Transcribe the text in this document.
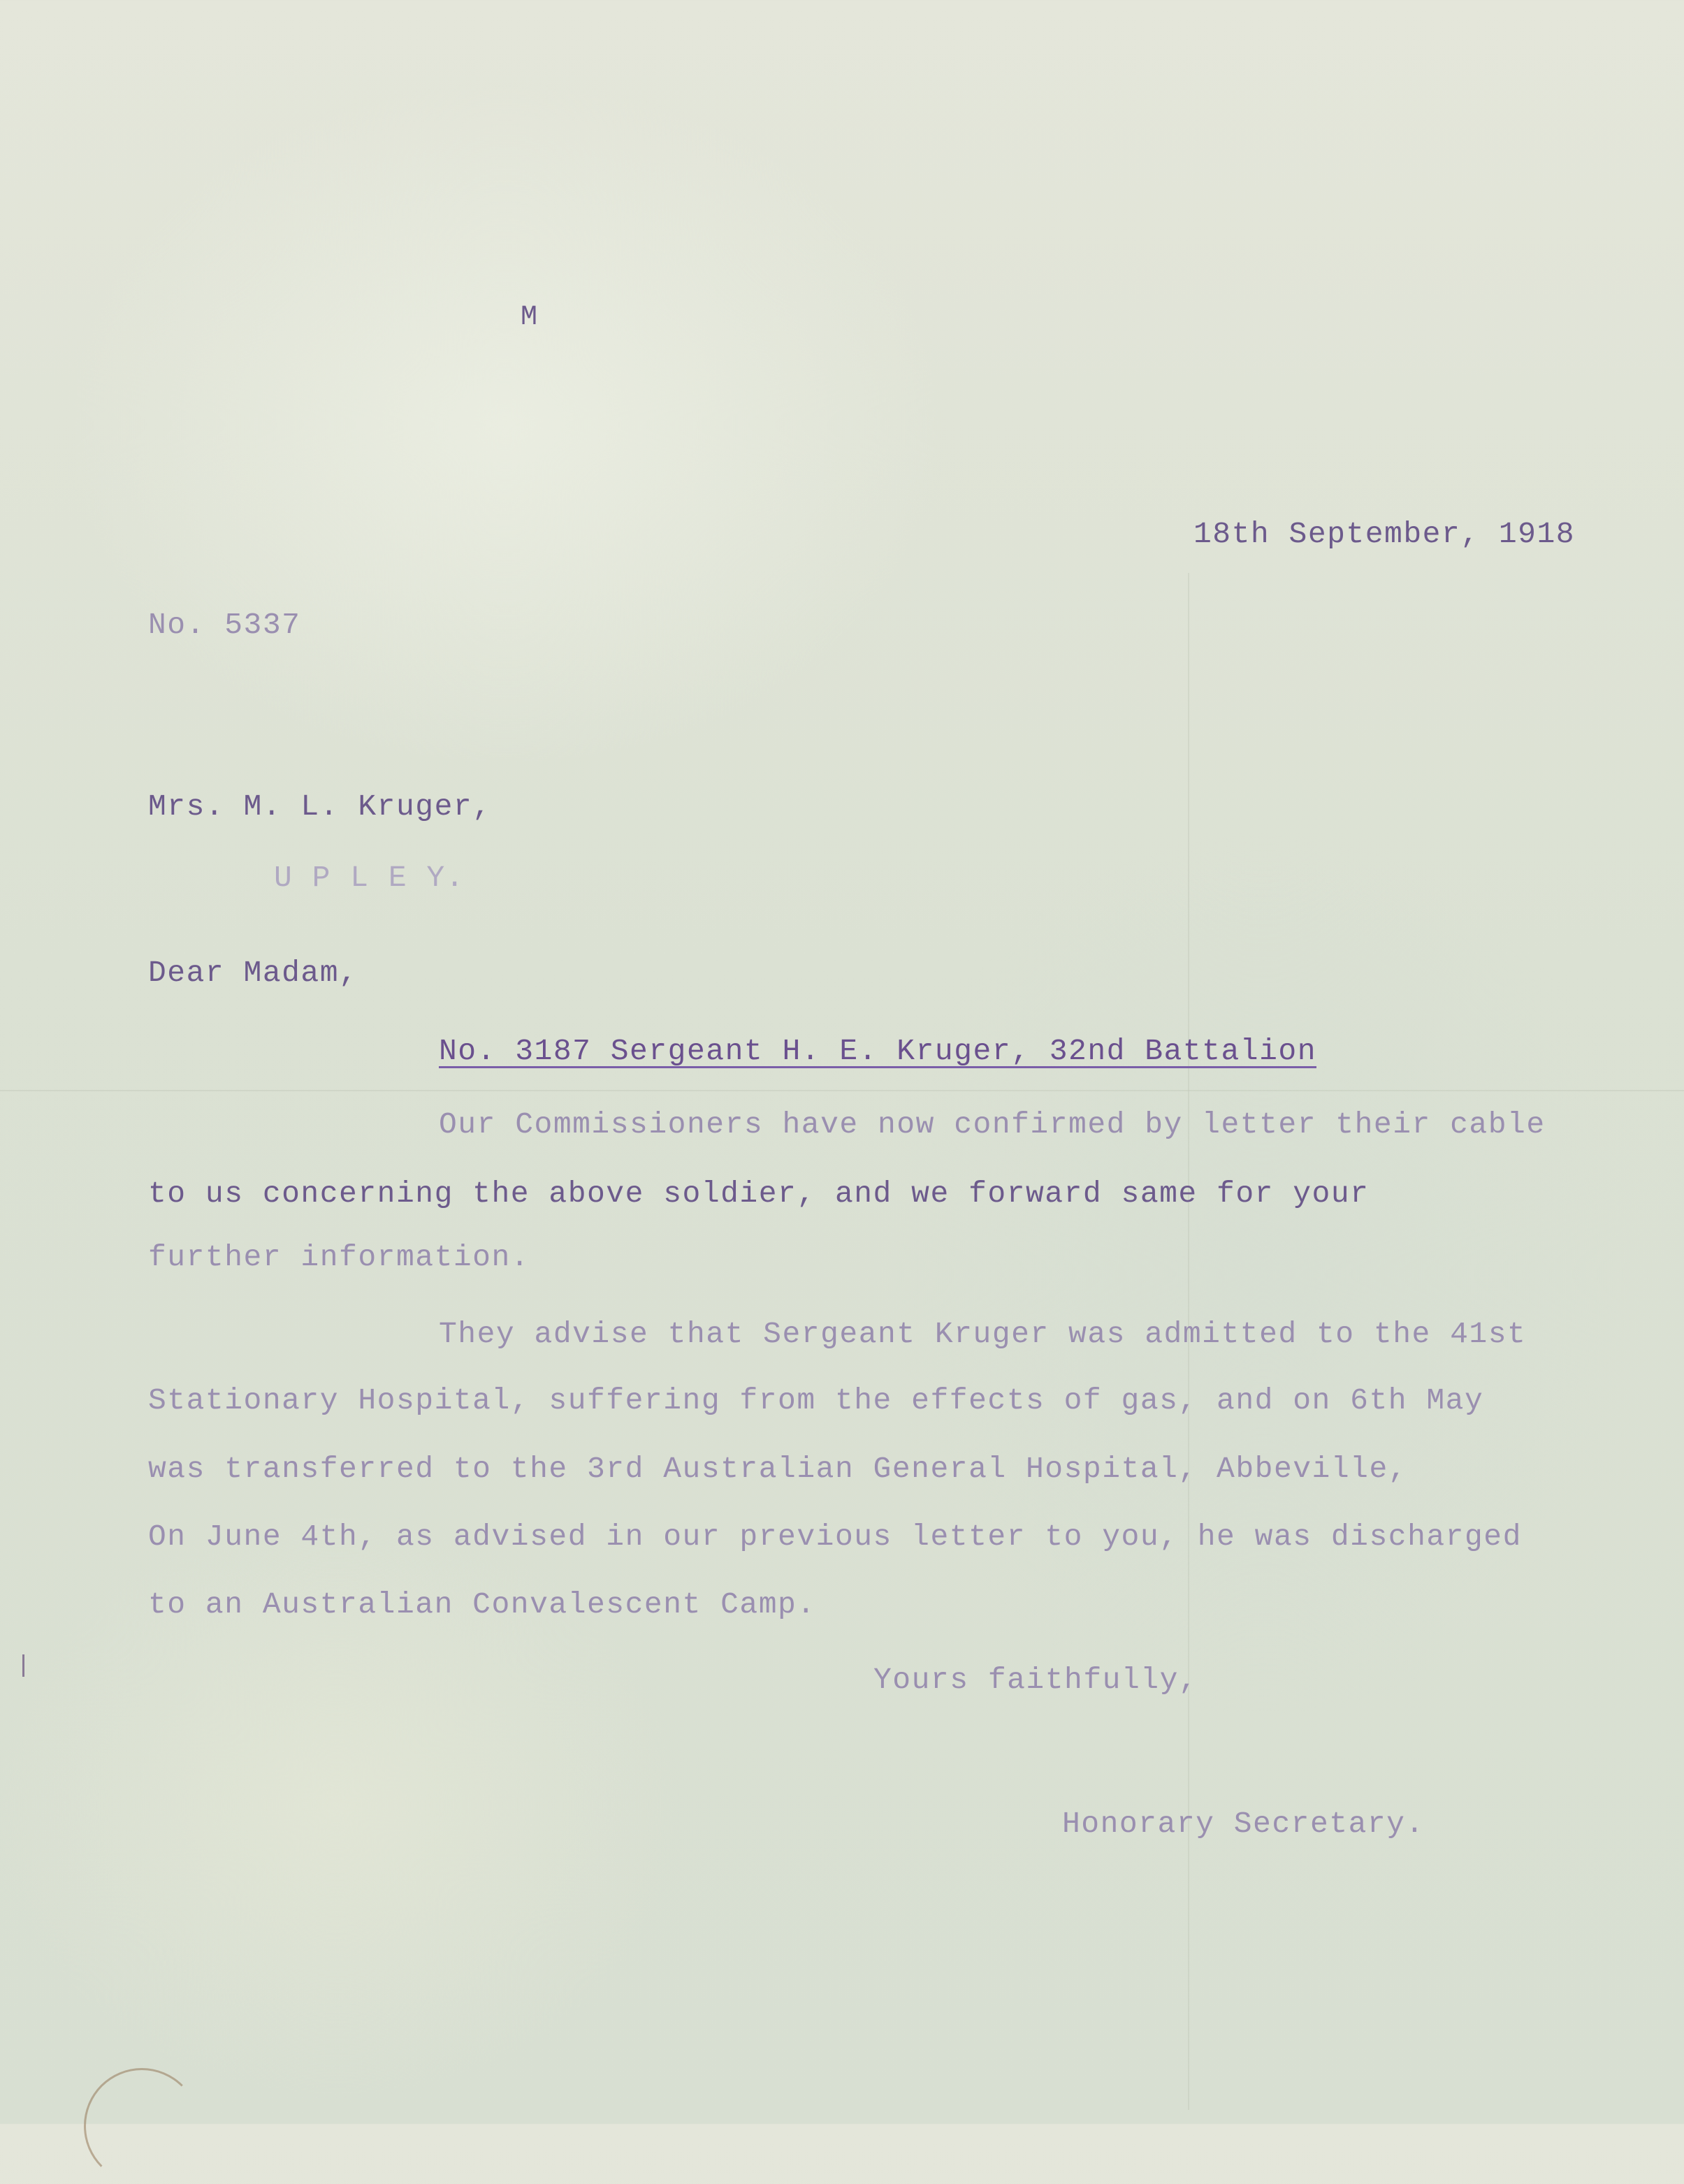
M
18th September, 1918
No. 5337
Mrs. M. L. Kruger,
U P L E Y.
Dear Madam,
No. 3187 Sergeant H. E. Kruger, 32nd Battalion
Our Commissioners have now confirmed by letter their cable
to us concerning the above soldier, and we forward same for your
further information.
They advise that Sergeant Kruger was admitted to the 41st
Stationary Hospital, suffering from the effects of gas, and on 6th May
was transferred to the 3rd Australian General Hospital, Abbeville,
On June 4th, as advised in our previous letter to you, he was discharged
to an Australian Convalescent Camp.
Yours faithfully,
Honorary Secretary.
